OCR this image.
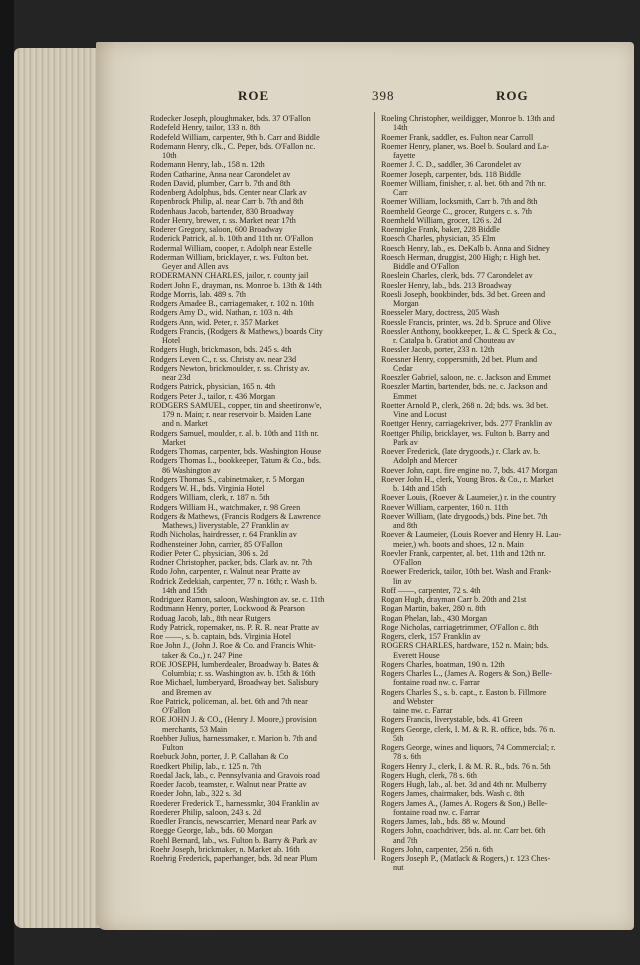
ROE	398	ROG
Rodecker Joseph, ploughmaker, bds. 37 O'Fallon
Rodefeld Henry, tailor, 133 n. 8th
Rodefeld William, carpenter, 9th b. Carr and Biddle
Rodemann Henry, clk., C. Peper, bds. O'Fallon nc.
10th
Rodemann Henry, lab., 158 n. 12th
Roden Catharine, Anna near Carondelet av
Roden David, plumber, Carr b. 7th and 8th
Rodenberg Adolphus, bds. Center near Clark av
Ropenbrock Philip, al. near Carr b. 7th and 8th
Rodenhaus Jacob, bartender, 830 Broadway
Roder Henry, brewer, r. ss. Market near 17th
Roderer Gregory, saloon, 600 Broadway
Roderick Patrick, al. b. 10th and 11th nr. O'Fallon
Rodermal William, cooper, r. Adolph near Estelle
Roderman William, bricklayer, r. ws. Fulton bet.
Geyer and Allen avs
RODERMANN CHARLES, jailor, r. county jail
Rodert John F., drayman, ns. Monroe b. 13th & 14th
Rodge Morris, lab. 489 s. 7th
Rodgers Amadee B., carriagemaker, r. 102 n. 10th
Rodgers Amy D., wid. Nathan, r. 103 n. 4th
Rodgers Ann, wid. Peter, r. 357 Market
Rodgers Francis, (Rodgers & Mathews,) boards City
Hotel
Rodgers Hugh, brickmason, bds. 245 s. 4th
Rodgers Leven C., r. ss. Christy av. near 23d
Rodgers Newton, brickmoulder, r. ss. Christy av.
near 23d
Rodgers Patrick, physician, 165 n. 4th
Rodgers Peter J., tailor, r. 436 Morgan
RODGERS SAMUEL, copper, tin and sheetironw'e,
179 n. Main; r. near reservoir b. Maiden Lane
and n. Market
Rodgers Samuel, moulder, r. al. b. 10th and 11th nr.
Market
Rodgers Thomas, carpenter, bds. Washington House
Rodgers Thomas L., bookkeeper, Tatum & Co., bds.
86 Washington av
Rodgers Thomas S., cabinetmaker, r. 5 Morgan
Rodgers W. H., bds. Virginia Hotel
Rodgers William, clerk, r. 187 n. 5th
Rodgers William H., watchmaker, r. 98 Green
Rodgers & Mathews, (Francis Rodgers & Lawrence
Mathews,) liverystable, 27 Franklin av
Rodh Nicholas, hairdresser, r. 64 Franklin av
Rodhensteiner John, carrier, 85 O'Fallon
Rodier Peter C. physician, 306 s. 2d
Rodner Christopher, packer, bds. Clark av. nr. 7th
Rodo John, carpenter, r. Walnut near Pratte av
Rodrick Zedekiah, carpenter, 77 n. 16th; r. Wash b.
14th and 15th
Rodriguez Ramon, saloon, Washington av. se. c. 11th
Rodtmann Henry, porter, Lockwood & Pearson
Roduag Jacob, lab., 8th near Rutgers
Rody Patrick, ropemaker, ns. P. R. R. near Pratte av
Roe ——, s. b. captain, bds. Virginia Hotel
Roe John J., (John J. Roe & Co. and Francis Whit-
taker & Co.,) r. 247 Pine
ROE JOSEPH, lumberdealer, Broadway b. Bates &
Columbia; r. ss. Washington av. b. 15th & 16th
Roe Michael, lumberyard, Broadway bet. Salisbury
and Bremen av
Roe Patrick, policeman, al. bet. 6th and 7th near
O'Fallon
ROE JOHN J. & CO., (Henry J. Moore,) provision
merchants, 53 Main
Roebber Julius, harnessmaker, r. Marion b. 7th and
Fulton
Roebuck John, porter, J. P. Callahan & Co
Roedkert Philip, lab., r. 125 n. 7th
Roedal Jack, lab., c. Pennsylvania and Gravois road
Roeder Jacob, teamster, r. Walnut near Pratte av
Roeder John, lab., 322 s. 3d
Roederer Frederick T., harnessmkr, 304 Franklin av
Roederer Philip, saloon, 243 s. 2d
Roedler Francis, newscarrier, Menard near Park av
Roegge George, lab., bds. 60 Morgan
Roehl Bernard, lab., ws. Fulton b. Barry & Park av
Roehr Joseph, brickmaker, n. Market ab. 16th
Roehrig Frederick, paperhanger, bds. 3d near Plum
Roeling Christopher, weildigger, Monroe b. 13th and
14th
Roemer Frank, saddler, es. Fulton near Carroll
Roemer Henry, planer, ws. Boel b. Soulard and La-
fayette
Roemer J. C. D., saddler, 36 Carondelet av
Roemer Joseph, carpenter, bds. 118 Biddle
Roemer William, finisher, r. al. bet. 6th and 7th nr.
Carr
Roemer William, locksmith, Carr b. 7th and 8th
Roemheld George C., grocer, Rutgers c. s. 7th
Roemheld William, grocer, 126 s. 2d
Roennigke Frank, baker, 228 Biddle
Roesch Charles, physician, 35 Elm
Roesch Henry, lab., es. DeKalb b. Anna and Sidney
Roesch Herman, druggist, 200 High; r. High bet.
Biddle and O'Fallon
Roeslein Charles, clerk, bds. 77 Carondelet av
Roesler Henry, lab., bds. 213 Broadway
Roesli Joseph, bookbinder, bds. 3d bet. Green and
Morgan
Roesseler Mary, doctress, 205 Wash
Roessle Francis, printer, ws. 2d b. Spruce and Olive
Roessler Anthony, bookkeeper, L. & C. Speck & Co.,
r. Catalpa b. Gratiot and Chouteau av
Roessler Jacob, porter, 233 n. 12th
Roessner Henry, coppersmith, 2d bet. Plum and
Cedar
Roeszler Gabriel, saloon, ne. c. Jackson and Emmet
Roeszler Martin, bartender, bds. ne. c. Jackson and
Emmet
Roetter Arnold P., clerk, 268 n. 2d; bds. ws. 3d bet.
Vine and Locust
Roettger Henry, carriagekriver, bds. 277 Franklin av
Roettger Philip, bricklayer, ws. Fulton b. Barry and
Park av
Roever Frederick, (late drygoods,) r. Clark av. b.
Adolph and Mercer
Roever John, capt. fire engine no. 7, bds. 417 Morgan
Roever John H., clerk, Young Bros. & Co., r. Market
b. 14th and 15th
Roever Louis, (Roever & Laumeier,) r. in the country
Roever William, carpenter, 160 n. 11th
Roever William, (late drygoods,) bds. Pine bet. 7th
and 8th
Roever & Laumeier, (Louis Roever and Henry H. Lau-
meier,) wh. boots and shoes, 12 n. Main
Roevler Frank, carpenter, al. bet. 11th and 12th nr.
O'Fallon
Roewer Frederick, tailor, 10th bet. Wash and Frank-
lin av
Roff ——, carpenter, 72 s. 4th
Rogan Hugh, drayman Carr b. 20th and 21st
Rogan Martin, baker, 280 n. 8th
Rogan Phelan, lab., 430 Morgan
Roge Nicholas, carriagetrimmer, O'Fallon c. 8th
Rogers, clerk, 157 Franklin av
ROGERS CHARLES, hardware, 152 n. Main; bds.
Everett House
Rogers Charles, boatman, 190 n. 12th
Rogers Charles L., (James A. Rogers & Son,) Belle-
fontaine road nw. c. Farrar
Rogers Charles S., s. b. capt., r. Easton b. Fillmore
and Webster
taine nw. c. Farrar
Rogers Francis, liverystable, bds. 41 Green
Rogers George, clerk, I. M. & R. R. office, bds. 76 n.
5th
Rogers George, wines and liquors, 74 Commercial; r.
78 s. 6th
Rogers Henry J., clerk, I. & M. R. R., bds. 76 n. 5th
Rogers Hugh, clerk, 78 s. 6th
Rogers Hugh, lab., al. bet. 3d and 4th nr. Mulberry
Rogers James, chairmaker, bds. Wash c. 8th
Rogers James A., (James A. Rogers & Son,) Belle-
fontaine road nw. c. Farrar
Rogers James, lab., bds. 88 w. Mound
Rogers John, coachdriver, bds. al. nr. Carr bet. 6th
and 7th
Rogers John, carpenter, 256 n. 6th
Rogers Joseph P., (Matlack & Rogers,) r. 123 Ches-
nut
